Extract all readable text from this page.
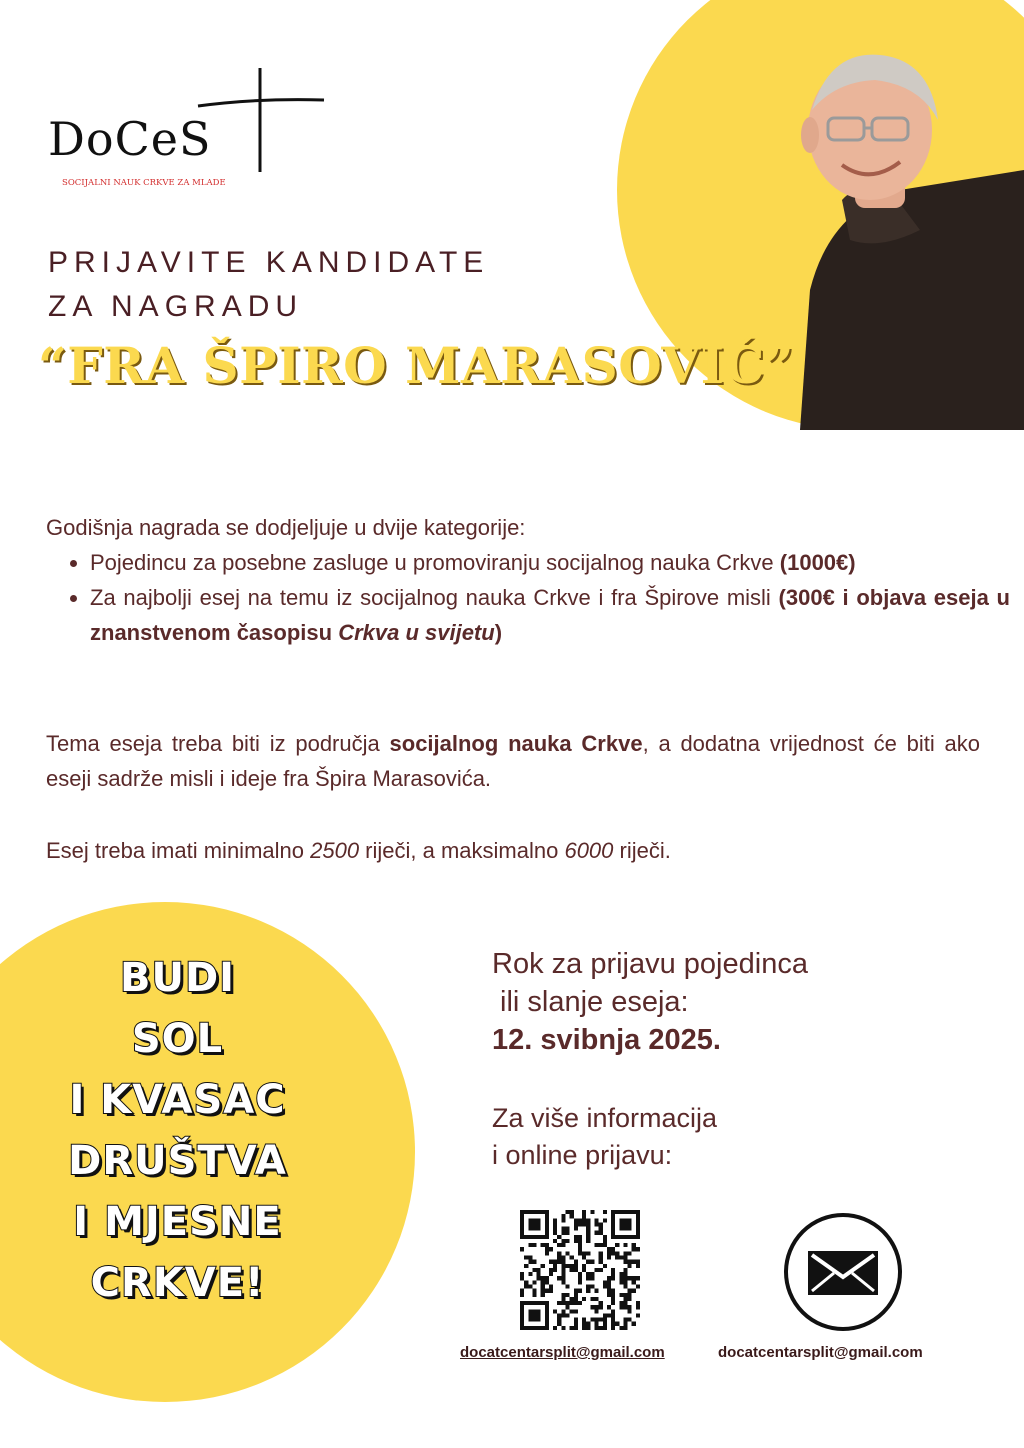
DoCeS
SOCIJALNI NAUK CRKVE ZA MLADE
PRIJAVITE KANDIDATE
ZA NAGRADU
“FRA ŠPIRO MARASOVIĆ”
Godišnja nagrada se dodjeljuje u dvije kategorije:
• Pojedincu za posebne zasluge u promoviranju socijalnog nauka Crkve (1000€)
• Za najbolji esej na temu iz socijalnog nauka Crkve i fra Špirove misli (300€ i objava eseja u znanstvenom časopisu Crkva u svijetu)
Tema eseja treba biti iz područja socijalnog nauka Crkve, a dodatna vrijednost će biti ako eseji sadrže misli i ideje fra Špira Marasovića.
Esej treba imati minimalno 2500 riječi, a maksimalno 6000 riječi.
BUDI
SOL
I KVASAC
DRUŠTVA
I MJESNE
CRKVE!
Rok za prijavu pojedinca
ili slanje eseja:
12. svibnja 2025.
Za više informacija
i online prijavu:
docatcentarsplit@gmail.com	docatcentarsplit@gmail.com
